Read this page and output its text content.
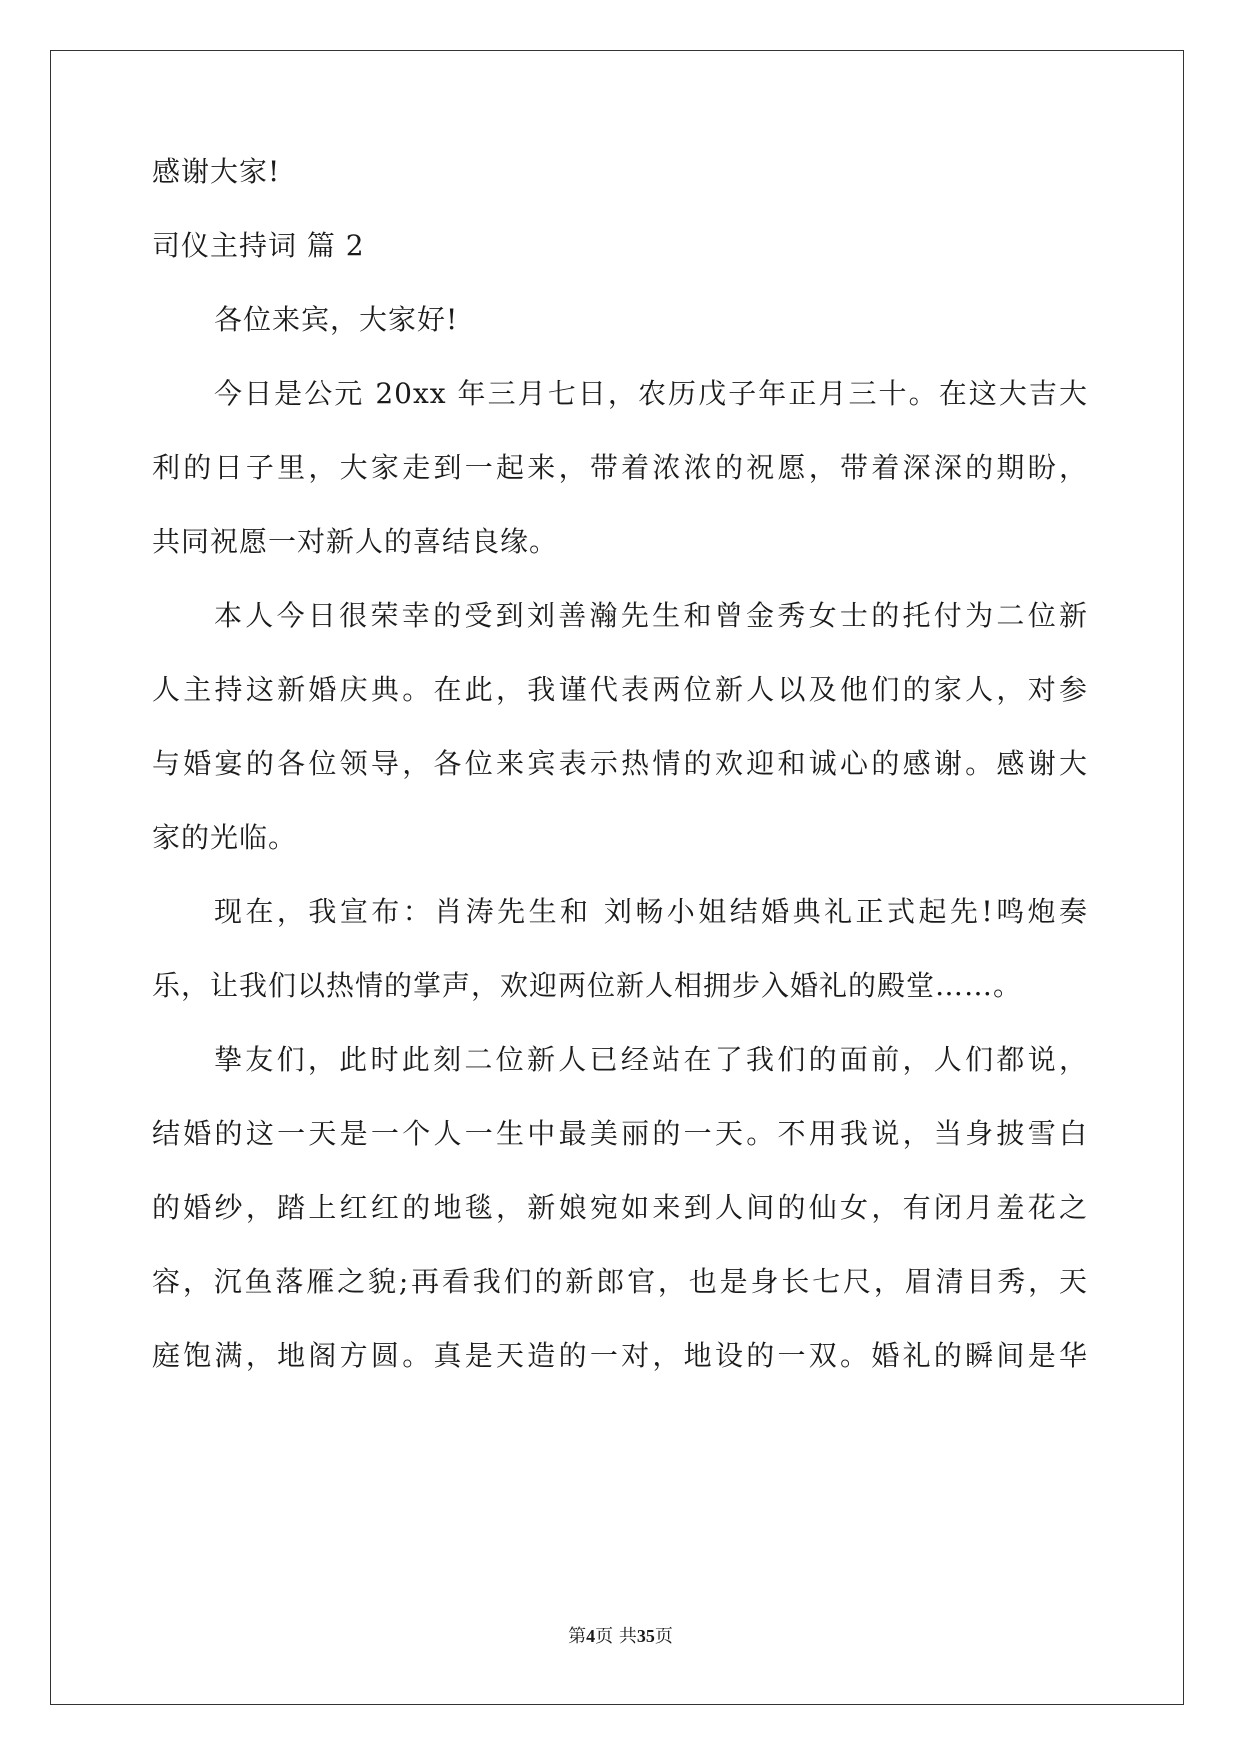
感谢大家!
司仪主持词 篇 2
各位来宾，大家好!
今日是公元 20xx 年三月七日，农历戊子年正月三十。在这大吉大
利的日子里，大家走到一起来，带着浓浓的祝愿，带着深深的期盼，
共同祝愿一对新人的喜结良缘。
本人今日很荣幸的受到刘善瀚先生和曾金秀女士的托付为二位新
人主持这新婚庆典。在此，我谨代表两位新人以及他们的家人，对参
与婚宴的各位领导，各位来宾表示热情的欢迎和诚心的感谢。感谢大
家的光临。
现在，我宣布：肖涛先生和 刘畅小姐结婚典礼正式起先!鸣炮奏
乐，让我们以热情的掌声，欢迎两位新人相拥步入婚礼的殿堂……。
挚友们，此时此刻二位新人已经站在了我们的面前，人们都说，
结婚的这一天是一个人一生中最美丽的一天。不用我说，当身披雪白
的婚纱，踏上红红的地毯，新娘宛如来到人间的仙女，有闭月羞花之
容，沉鱼落雁之貌;再看我们的新郎官，也是身长七尺，眉清目秀，天
庭饱满，地阁方圆。真是天造的一对，地设的一双。婚礼的瞬间是华
第4页 共35页
